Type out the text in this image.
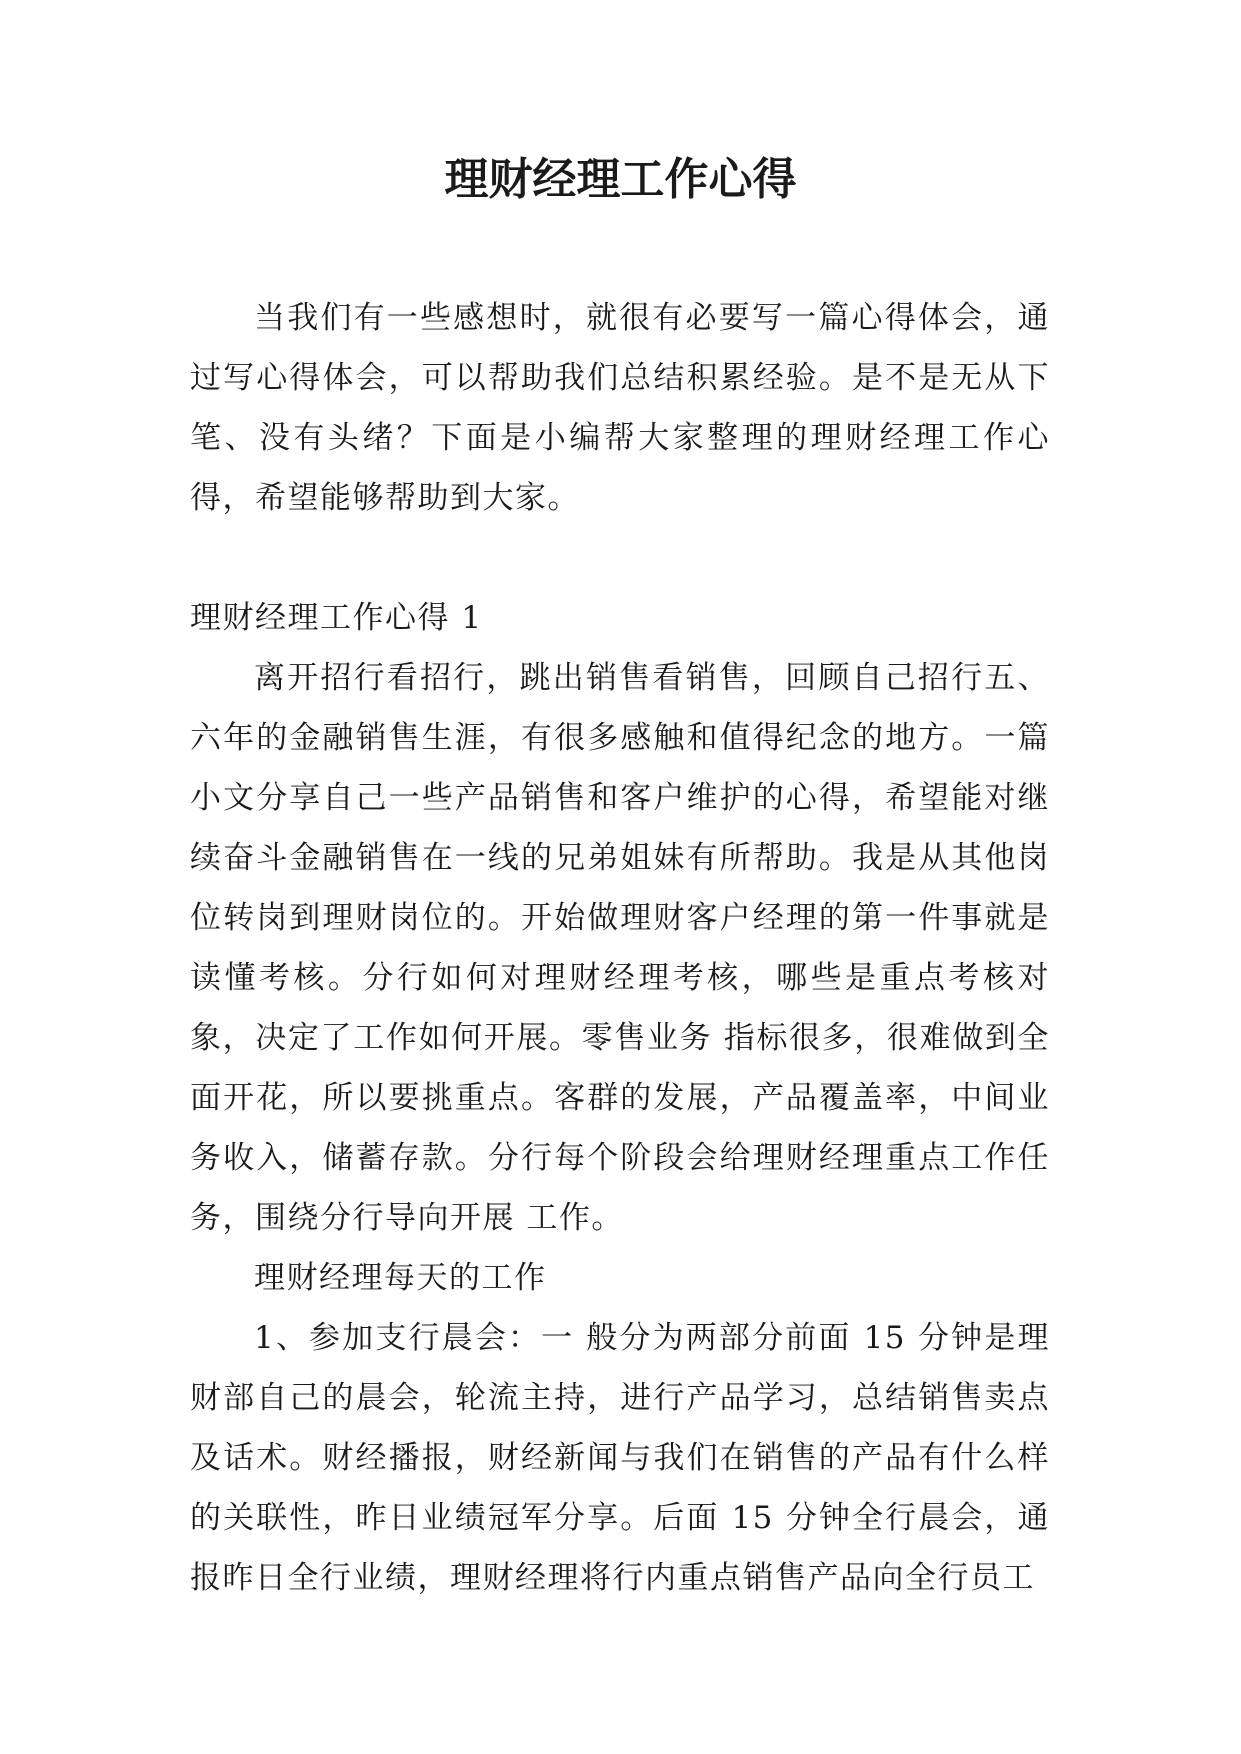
理财经理工作心得

当我们有一些感想时，就很有必要写一篇心得体会，通过写心得体会，可以帮助我们总结积累经验。是不是无从下笔、没有头绪？下面是小编帮大家整理的理财经理工作心得，希望能够帮助到大家。

理财经理工作心得 1

离开招行看招行，跳出销售看销售，回顾自己招行五、六年的金融销售生涯，有很多感触和值得纪念的地方。一篇小文分享自己一些产品销售和客户维护的心得，希望能对继续奋斗金融销售在一线的兄弟姐妹有所帮助。我是从其他岗位转岗到理财岗位的。开始做理财客户经理的第一件事就是读懂考核。分行如何对理财经理考核，哪些是重点考核对象，决定了工作如何开展。零售业务 指标很多，很难做到全面开花，所以要挑重点。客群的发展，产品覆盖率，中间业务收入，储蓄存款。分行每个阶段会给理财经理重点工作任务，围绕分行导向开展 工作。

理财经理每天的工作

1、参加支行晨会：一 般分为两部分前面 15 分钟是理财部自己的晨会，轮流主持，进行产品学习，总结销售卖点及话术。财经播报，财经新闻与我们在销售的产品有什么样的关联性，昨日业绩冠军分享。后面 15 分钟全行晨会，通报昨日全行业绩，理财经理将行内重点销售产品向全行员工
